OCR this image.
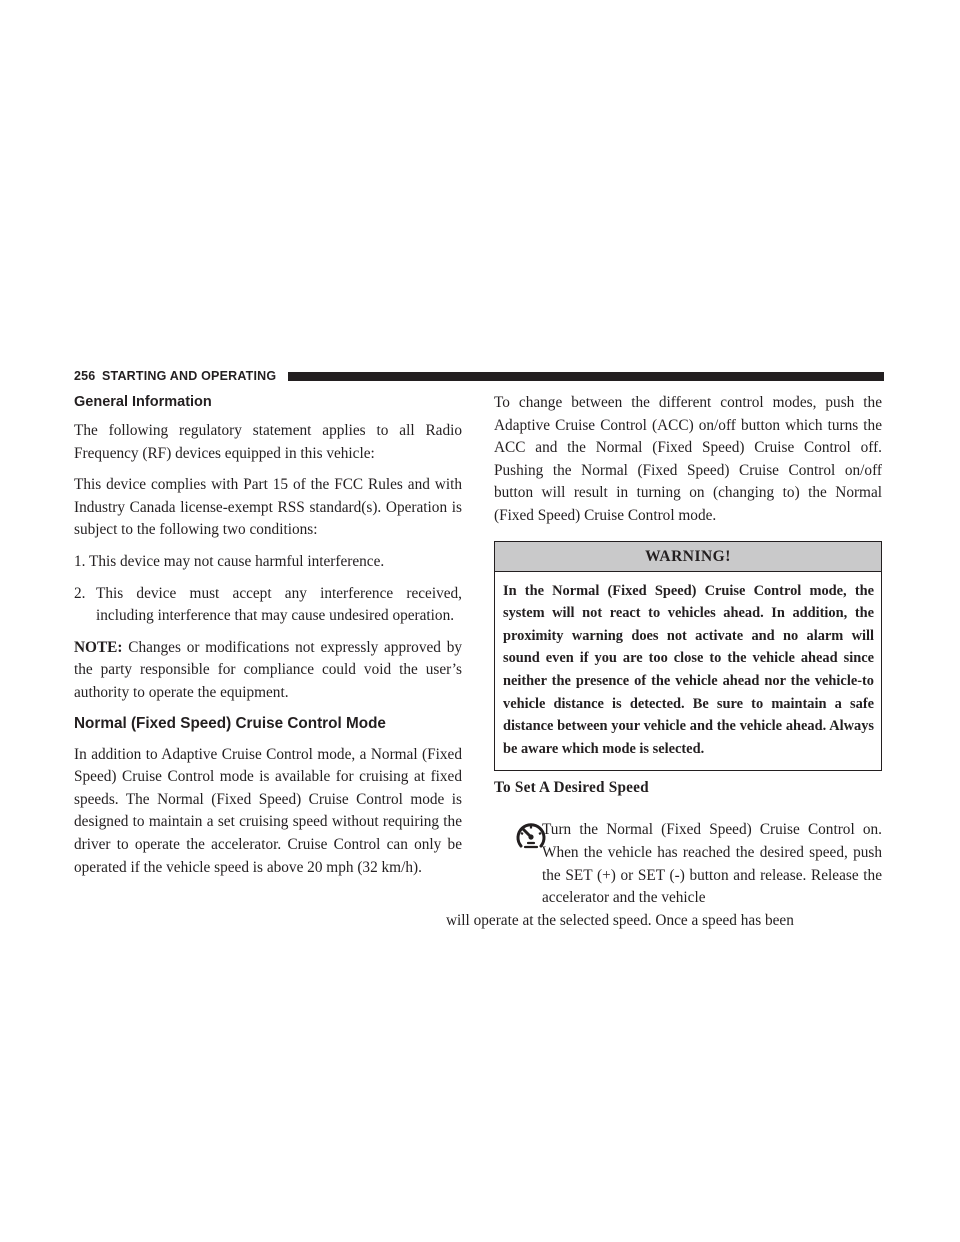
256 STARTING AND OPERATING
General Information

The following regulatory statement applies to all Radio Frequency (RF) devices equipped in this vehicle:

This device complies with Part 15 of the FCC Rules and with Industry Canada license-exempt RSS standard(s). Operation is subject to the following two conditions:

1. This device may not cause harmful interference.

2. This device must accept any interference received, including interference that may cause undesired operation.

NOTE: Changes or modifications not expressly approved by the party responsible for compliance could void the user’s authority to operate the equipment.

Normal (Fixed Speed) Cruise Control Mode

In addition to Adaptive Cruise Control mode, a Normal (Fixed Speed) Cruise Control mode is available for cruising at fixed speeds. The Normal (Fixed Speed) Cruise Control mode is designed to maintain a set cruising speed without requiring the driver to operate the accelerator. Cruise Control can only be operated if the vehicle speed is above 20 mph (32 km/h).

To change between the different control modes, push the Adaptive Cruise Control (ACC) on/off button which turns the ACC and the Normal (Fixed Speed) Cruise Control off. Pushing the Normal (Fixed Speed) Cruise Control on/off button will result in turning on (changing to) the Normal (Fixed Speed) Cruise Control mode.

WARNING!
In the Normal (Fixed Speed) Cruise Control mode, the system will not react to vehicles ahead. In addition, the proximity warning does not activate and no alarm will sound even if you are too close to the vehicle ahead since neither the presence of the vehicle ahead nor the vehicle-to vehicle distance is detected. Be sure to maintain a safe distance between your vehicle and the vehicle ahead. Always be aware which mode is selected.
To Set A Desired Speed

Turn the Normal (Fixed Speed) Cruise Control on. When the vehicle has reached the desired speed, push the SET (+) or SET (-) button and release. Release the accelerator and the vehicle

will operate at the selected speed. Once a speed has been
